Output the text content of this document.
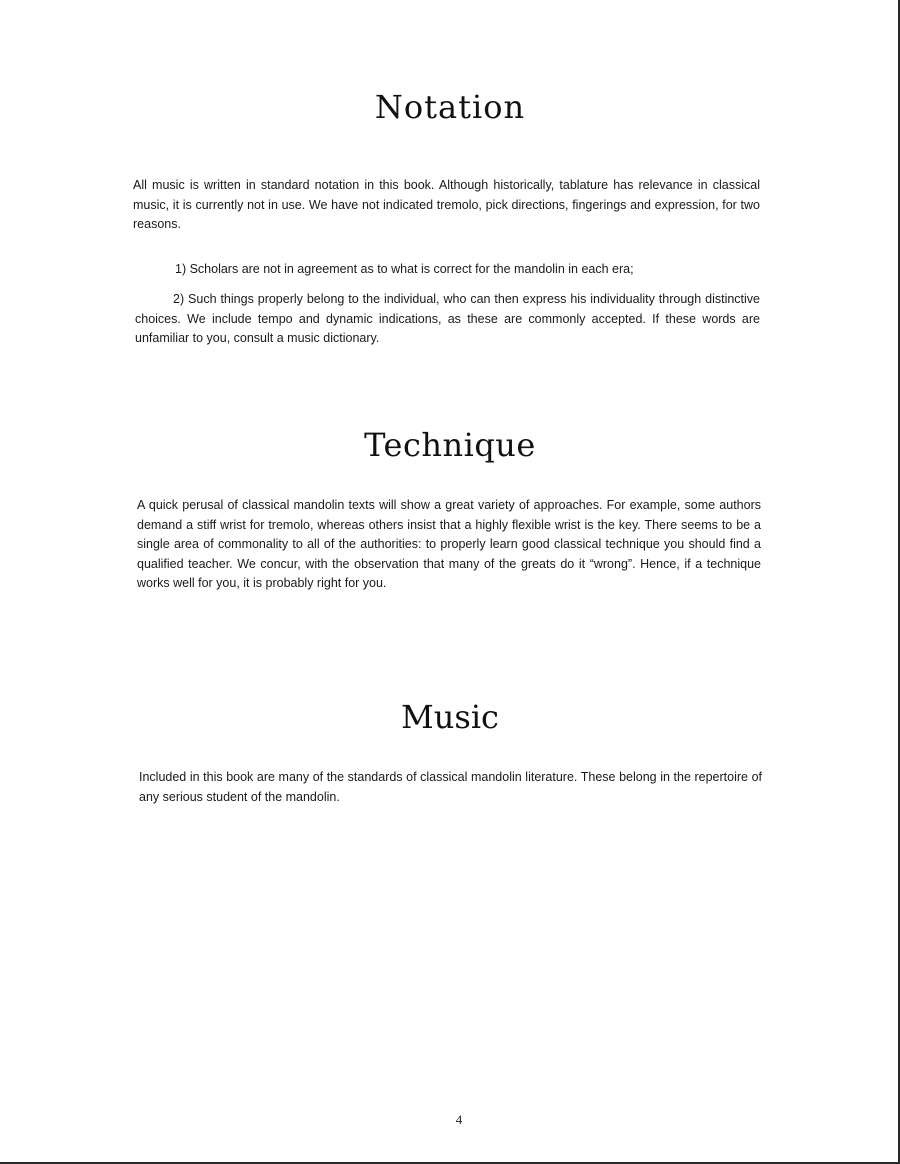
Notation

All music is written in standard notation in this book. Although historically, tablature has relevance in classical music, it is currently not in use. We have not indicated tremolo, pick directions, fingerings and expression, for two reasons.

1) Scholars are not in agreement as to what is correct for the mandolin in each era;

2) Such things properly belong to the individual, who can then express his individuality through distinctive choices. We include tempo and dynamic indications, as these are commonly accepted. If these words are unfamiliar to you, consult a music dictionary.

Technique

A quick perusal of classical mandolin texts will show a great variety of approaches. For example, some authors demand a stiff wrist for tremolo, whereas others insist that a highly flexible wrist is the key. There seems to be a single area of commonality to all of the authorities: to properly learn good classical technique you should find a qualified teacher. We concur, with the observation that many of the greats do it “wrong”. Hence, if a technique works well for you, it is probably right for you.

Music

Included in this book are many of the standards of classical mandolin literature. These belong in the repertoire of any serious student of the mandolin.

4
